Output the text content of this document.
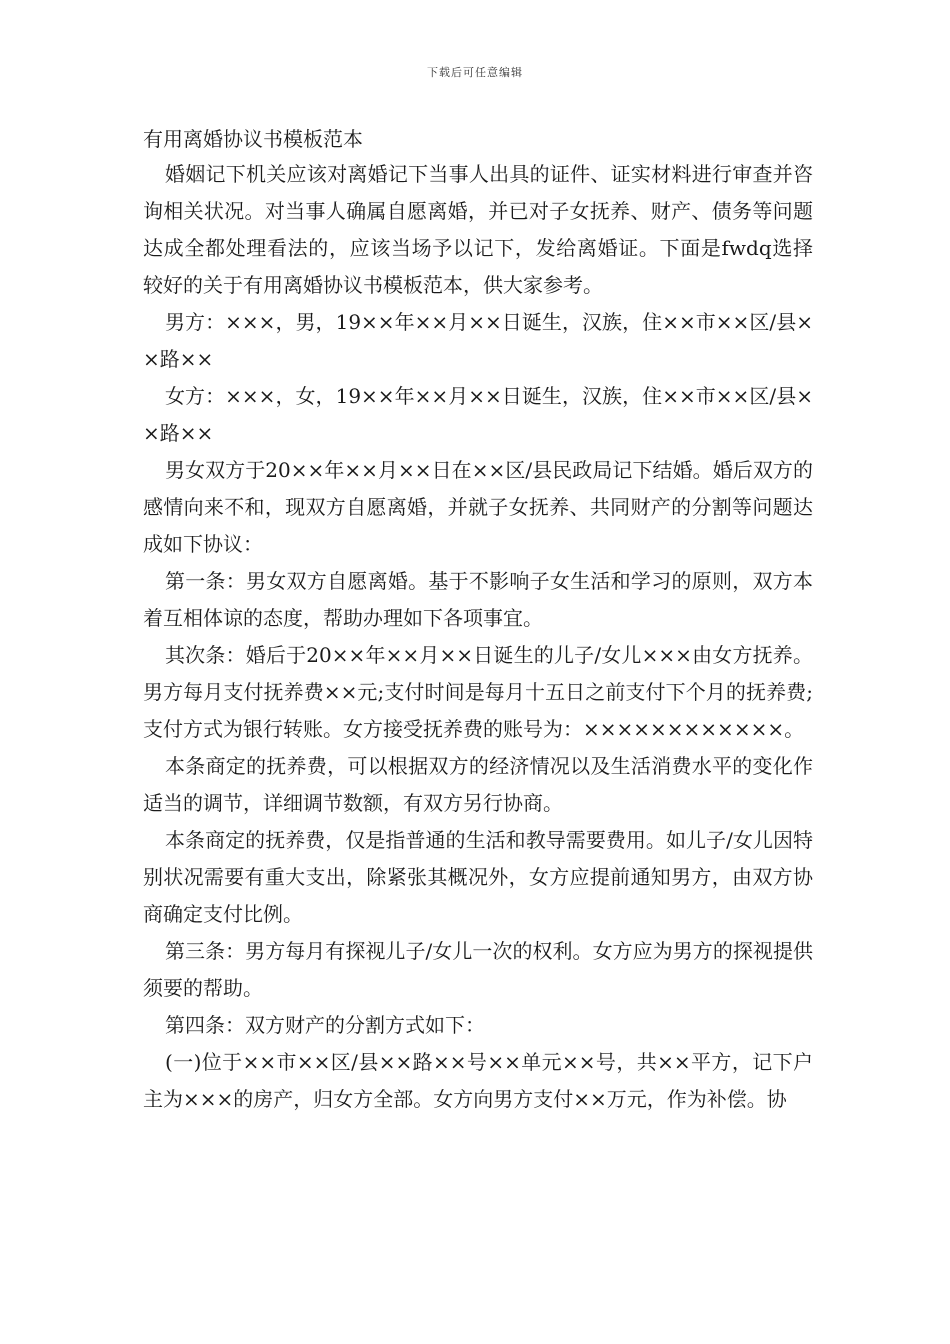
下载后可任意编辑
有用离婚协议书模板范本

婚姻记下机关应该对离婚记下当事人出具的证件、证实材料进行审查并咨询相关状况。对当事人确属自愿离婚，并已对子女抚养、财产、债务等问题达成全都处理看法的，应该当场予以记下，发给离婚证。下面是fwdq选择较好的关于有用离婚协议书模板范本，供大家参考。

男方：×××，男，19××年××月××日诞生，汉族，住××市××区/县××路××

女方：×××，女，19××年××月××日诞生，汉族，住××市××区/县××路××

男女双方于20××年××月××日在××区/县民政局记下结婚。婚后双方的感情向来不和，现双方自愿离婚，并就子女抚养、共同财产的分割等问题达成如下协议：

第一条：男女双方自愿离婚。基于不影响子女生活和学习的原则，双方本着互相体谅的态度，帮助办理如下各项事宜。

其次条：婚后于20××年××月××日诞生的儿子/女儿×××由女方抚养。男方每月支付抚养费××元;支付时间是每月十五日之前支付下个月的抚养费;支付方式为银行转账。女方接受抚养费的账号为：××××××××××××。

本条商定的抚养费，可以根据双方的经济情况以及生活消费水平的变化作适当的调节，详细调节数额，有双方另行协商。

本条商定的抚养费，仅是指普通的生活和教导需要费用。如儿子/女儿因特别状况需要有重大支出，除紧张其概况外，女方应提前通知男方，由双方协商确定支付比例。

第三条：男方每月有探视儿子/女儿一次的权利。女方应为男方的探视提供须要的帮助。

第四条：双方财产的分割方式如下：

(一)位于××市××区/县××路××号××单元××号，共××平方，记下户主为×××的房产，归女方全部。女方向男方支付××万元，作为补偿。协
